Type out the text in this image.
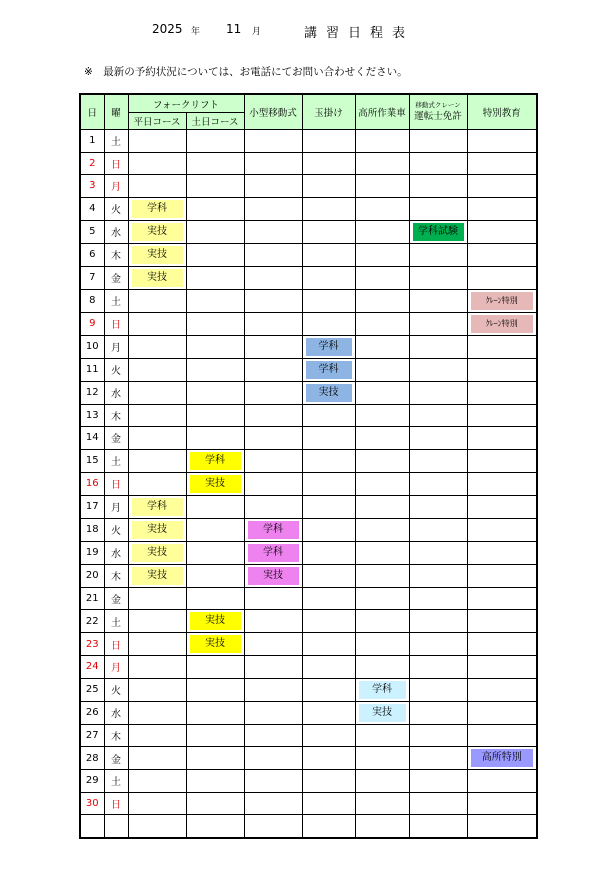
2025 年 11 月	講習日程表
※　最新の予約状況については、お電話にてお問い合わせください。
日	曜	フォークリフト		小型移動式	玉掛け	高所作業車	移動式クレーン
運転士免許	特別教育
		平日コース	土日コース					
1	土							
2	日							
3	月							
4	火	学科						

5	水	実技					学科試験	

6	木	実技						

7	金	実技						

8	土							ｸﾚｰﾝ特別

9	日							ｸﾚｰﾝ特別

10	月				学科			

11	火				学科			

12	水				実技			

13	木							
14	金							
15	土		学科					

16	日		実技					

17	月	学科						

18	火	実技		学科				

19	水	実技		学科				

20	木	実技		実技				

21	金							
22	土		実技					

23	日		実技					

24	月							
25	火					学科		

26	水					実技		

27	木							
28	金							高所特別

29	土							
30	日							
